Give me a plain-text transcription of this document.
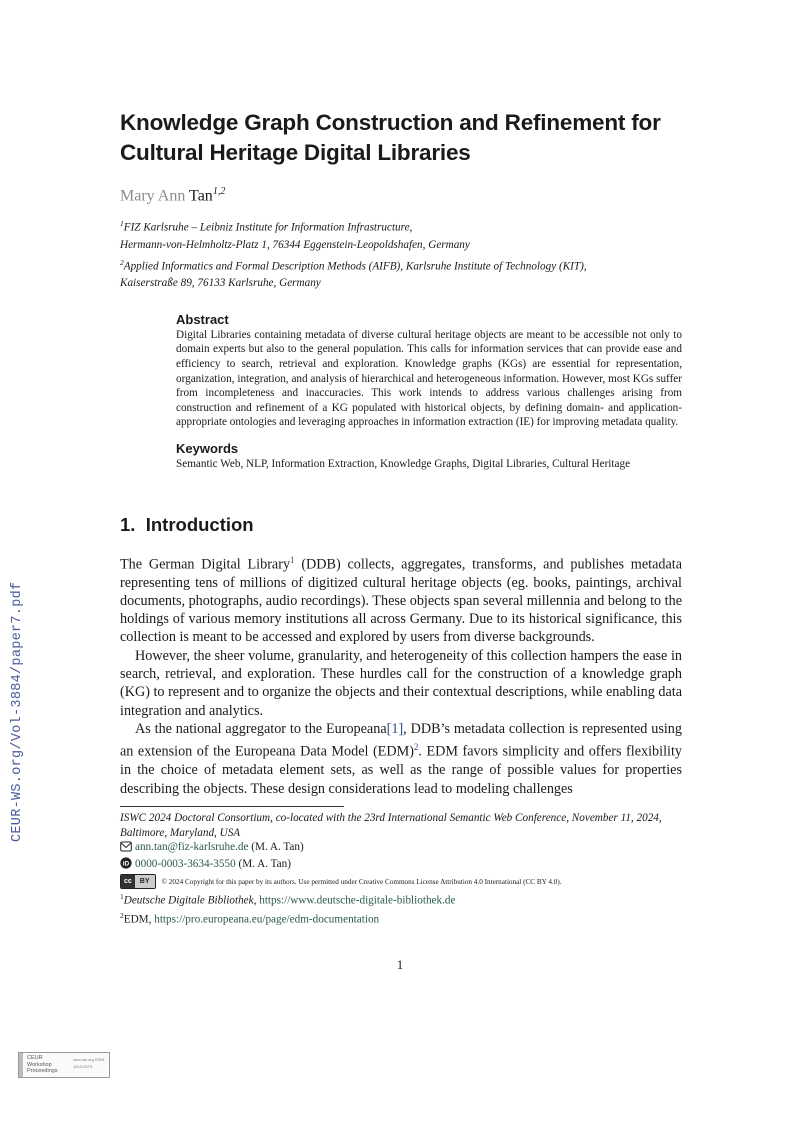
CEUR-WS.org/Vol-3884/paper7.pdf
Knowledge Graph Construction and Refinement for
Cultural Heritage Digital Libraries
Mary Ann Tan$^{1,2}$

$^1$FIZ Karlsruhe – Leibniz Institute for Information Infrastructure,

Hermann-von-Helmholtz-Platz 1, 76344 Eggenstein-Leopoldshafen, Germany

$^2$Applied Informatics and Formal Description Methods (AIFB), Karlsruhe Institute of Technology (KIT),

Kaiserstraße 89, 76133 Karlsruhe, Germany

Abstract

Digital Libraries containing metadata of diverse cultural heritage objects are meant to be accessible not only to domain experts but also to the general population. This calls for information services that can provide ease and efficiency to search, retrieval and exploration. Knowledge graphs (KGs) are essential for representation, organization, integration, and analysis of hierarchical and heterogeneous information. However, most KGs suffer from incompleteness and inaccuracies. This work intends to address various challenges arising from construction and refinement of a KG populated with historical objects, by defining domain- and application-appropriate ontologies and leveraging approaches in information extraction (IE) for improving metadata quality.

Keywords

Semantic Web, NLP, Information Extraction, Knowledge Graphs, Digital Libraries, Cultural Heritage

1. Introduction

The German Digital Library$^1$ (DDB) collects, aggregates, transforms, and publishes metadata representing tens of millions of digitized cultural heritage objects (eg. books, paintings, archival documents, photographs, audio recordings). These objects span several millennia and belong to the holdings of various memory institutions all across Germany. Due to its historical significance, this collection is meant to be accessed and explored by users from diverse backgrounds.

However, the sheer volume, granularity, and heterogeneity of this collection hampers the ease in search, retrieval, and exploration. These hurdles call for the construction of a knowledge graph (KG) to represent and to organize the objects and their contextual descriptions, while enabling data integration and analytics.

As the national aggregator to the Europeana[1], DDB’s metadata collection is represented using an extension of the Europeana Data Model (EDM)$^2$. EDM favors simplicity and offers flexibility in the choice of metadata element sets, as well as the range of possible values for properties describing the objects. These design considerations lead to modeling challenges

ISWC 2024 Doctoral Consortium, co-located with the 23rd International Semantic Web Conference, November 11, 2024, Baltimore, Maryland, USA

ann.tan@fiz-karlsruhe.de (M. A. Tan)

iD 0000-0003-3634-3550 (M. A. Tan)

cc	BY	© 2024 Copyright for this paper by its authors. Use permitted under Creative Commons License Attribution 4.0 International (CC BY 4.0).

$^1$Deutsche Digitale Bibliothek, https://www.deutsche-digitale-bibliothek.de

$^2$EDM, https://pro.europeana.eu/page/edm-documentation

1
CEUR
Workshop
Proceedings
ceur-ws.org ISSN 1613-0073
